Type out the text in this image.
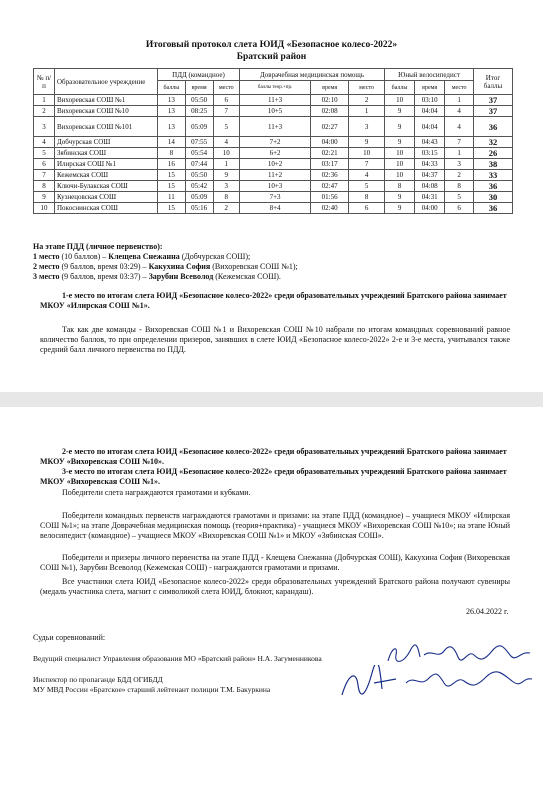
Итоговый протокол слета ЮИД «Безопасное колесо-2022»
Братский район
№ п/п	Образовательное учреждение	ПДД (командное)			Доврачебная медицинская помощь			Юный велосипедист			Итог баллы
		баллы	время	место	баллы теор.+пр.	время	место	баллы	время	место	
1	Вихоревская СОШ №1	13	05:50	6	11+3	02:10	2	10	03:10	1	37
2	Вихоревская СОШ №10	13	08:25	7	10+5	02:08	1	9	04:04	4	37
3	Вихоревская СОШ №101	13	05:09	5	11+3	02:27	3	9	04:04	4	36
4	Добчурская СОШ	14	07:55	4	7+2	04:00	9	9	04:43	7	32
5	Зябинская СОШ	8	05:54	10	6+2	02:21	10	10	03:15	1	26
6	Илирская СОШ №1	16	07:44	1	10+2	03:17	7	10	04:33	3	38
7	Кежемская СОШ	15	05:50	9	11+2	02:36	4	10	04:37	2	33
8	Ключи-Булакская СОШ	15	05:42	3	10+3	02:47	5	8	04:08	8	36
9	Кузнецовская СОШ	11	05:09	8	7+3	01:56	8	9	04:31	5	30
10	Покоснинская СОШ	15	05:16	2	8+4	02:40	6	9	04:00	6	36
На этапе ПДД (личное первенство):
1 место (10 баллов) – Клещева Снежанна (Добчурская СОШ);
2 место (9 баллов, время 03:29) – Какухина София (Вихоревская СОШ №1);
3 место (9 баллов, время 03:37) – Зарубин Всеволод (Кежемская СОШ).
1-е место по итогам слета ЮИД «Безопасное колесо-2022» среди образовательных учреждений Братского района занимает МКОУ «Илирская СОШ №1».
Так как две команды - Вихоревская СОШ №1 и Вихоревская СОШ №10 набрали по итогам командных соревнований равное количество баллов, то при определении призеров, занявших в слете ЮИД «Безопасное колесо-2022» 2-е и 3-е места, учитывался также средний балл личного первенства по ПДД.
2-е место по итогам слета ЮИД «Безопасное колесо-2022» среди образовательных учреждений Братского района занимает МКОУ «Вихоревская СОШ №10».
3-е место по итогам слета ЮИД «Безопасное колесо-2022» среди образовательных учреждений Братского района занимает МКОУ «Вихоревская СОШ №1».
Победители слета награждаются грамотами и кубками.
Победители командных первенств награждаются грамотами и призами: на этапе ПДД (командное) – учащиеся МКОУ «Илирская СОШ №1»; на этапе Доврачебная медицинская помощь (теория+практика) - учащиеся МКОУ «Вихоревская СОШ №10»; на этапе Юный велосипедист (командное) – учащиеся МКОУ «Вихоревская СОШ №1» и МКОУ «Зябинская СОШ».
Победители и призеры личного первенства на этапе ПДД - Клещева Снежанна (Добчурская СОШ), Какухина София (Вихоревская СОШ №1), Зарубин Всеволод (Кежемская СОШ) - награждаются грамотами и призами.
Все участники слета ЮИД «Безопасное колесо-2022» среди образовательных учреждений Братского района получают сувениры (медаль участника слета, магнит с символикой слета ЮИД, блокнот, карандаш).
26.04.2022 г.
Судьи соревнований:
Ведущий специалист Управления образования МО «Братский район» Н.А. Загуменникова
Инспектор по пропаганде БДД ОГИБДД
МУ МВД России «Братское» старший лейтенант полиции Т.М. Бакуркина
